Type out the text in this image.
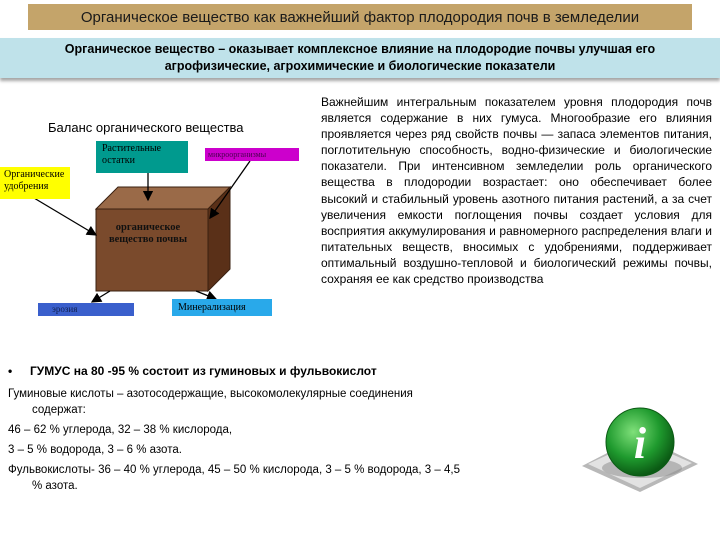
Органическое вещество как важнейший фактор плодородия почв в земледелии
Органическое вещество – оказывает комплексное влияние на плодородие почвы улучшая его агрофизические, агрохимические и биологические показатели
Баланс органического вещества
Органические удобрения
Растительные остатки
микроорганизмы
эрозия	Минерализация
органическое вещество почвы
Важнейшим интегральным показателем уровня плодородия почв является содержание в них гумуса. Многообразие его влияния проявляется через ряд свойств почвы — запаса элементов питания, поглотительную способность, водно-физические и биологические показатели. При интенсивном земледелии роль органического вещества в плодородии возрастает: оно обеспечивает более высокий и стабильный уровень азотного питания растений, а за счет увеличения емкости поглощения почвы создает условия для восприятия аккумулирования и равномерного распределения влаги и питательных веществ, вносимых с удобрениями, поддерживает оптимальный воздушно-тепловой и биологический режимы почвы, сохраняя ее как средство производства
•	ГУМУС на 80 -95 % состоит из гуминовых и фульвокислот

Гуминовые кислоты – азотосодержащие, высокомолекулярные соединения содержат:

46 – 62 % углерода, 32 – 38 % кислорода,

3 – 5 % водорода, 3 – 6 % азота.

Фульвокислоты- 36 – 40 % углерода, 45 – 50 % кислорода, 3 – 5 % водорода, 3 – 4,5 % азота.

i
